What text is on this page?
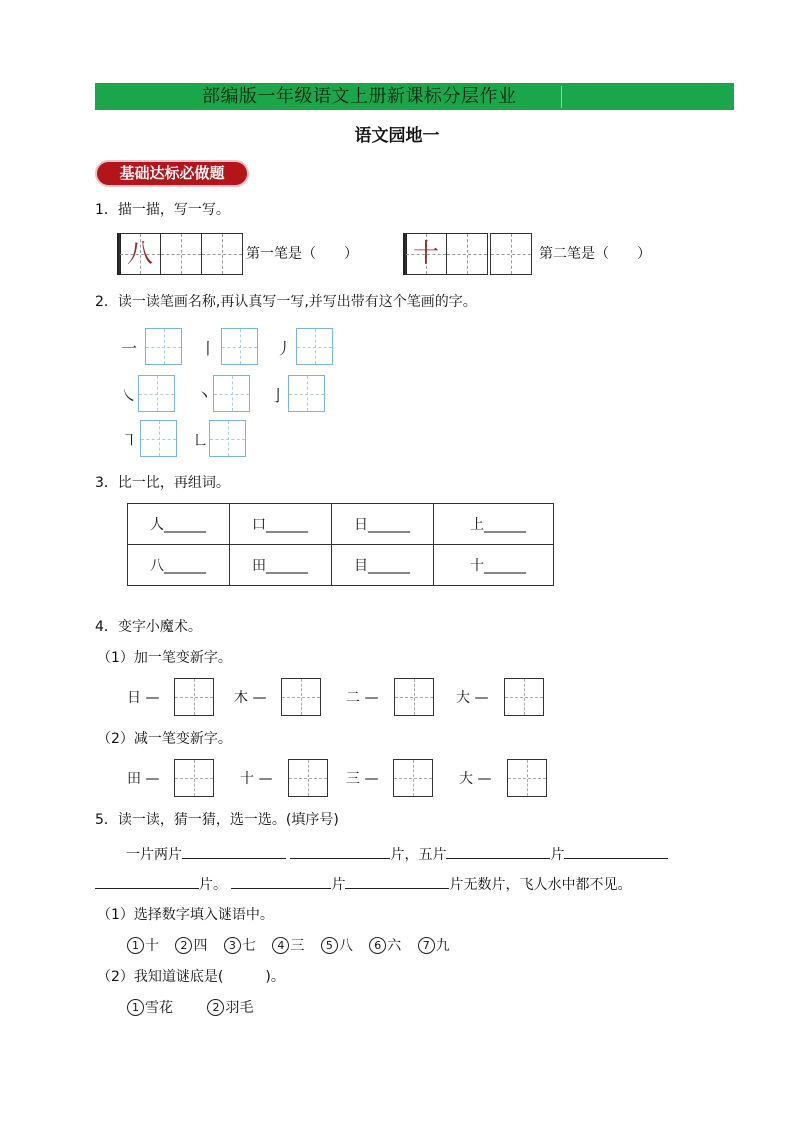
部编版一年级语文上册新课标分层作业
语文园地一
基础达标必做题
1．描一描，写一写。
八	第一笔是（　　） 十	第二笔是（　　）
2．读一读笔画名称,再认真写一写,并写出带有这个笔画的字。
一	丨	丿
㇏	丶	亅
㇕	㇗
3．比一比，再组词。
人______	口______	日______	上______
八______	田______	目______	十______
4．变字小魔术。
（1）加一笔变新字。
日 —	木 —	二 —	大 —
（2）减一笔变新字。
田 —	十 —	三 —	大 —
5．读一读，猜一猜，选一选。(填序号)
一片两片	片，五片	片
片。	片	片无数片，飞人水中都不见。
（1）选择数字填入谜语中。
1 十 2 四 3 七 4 三 5 八 6 六 7 九
（2）我知道谜底是(　　　)。
1 雪花	2 羽毛
